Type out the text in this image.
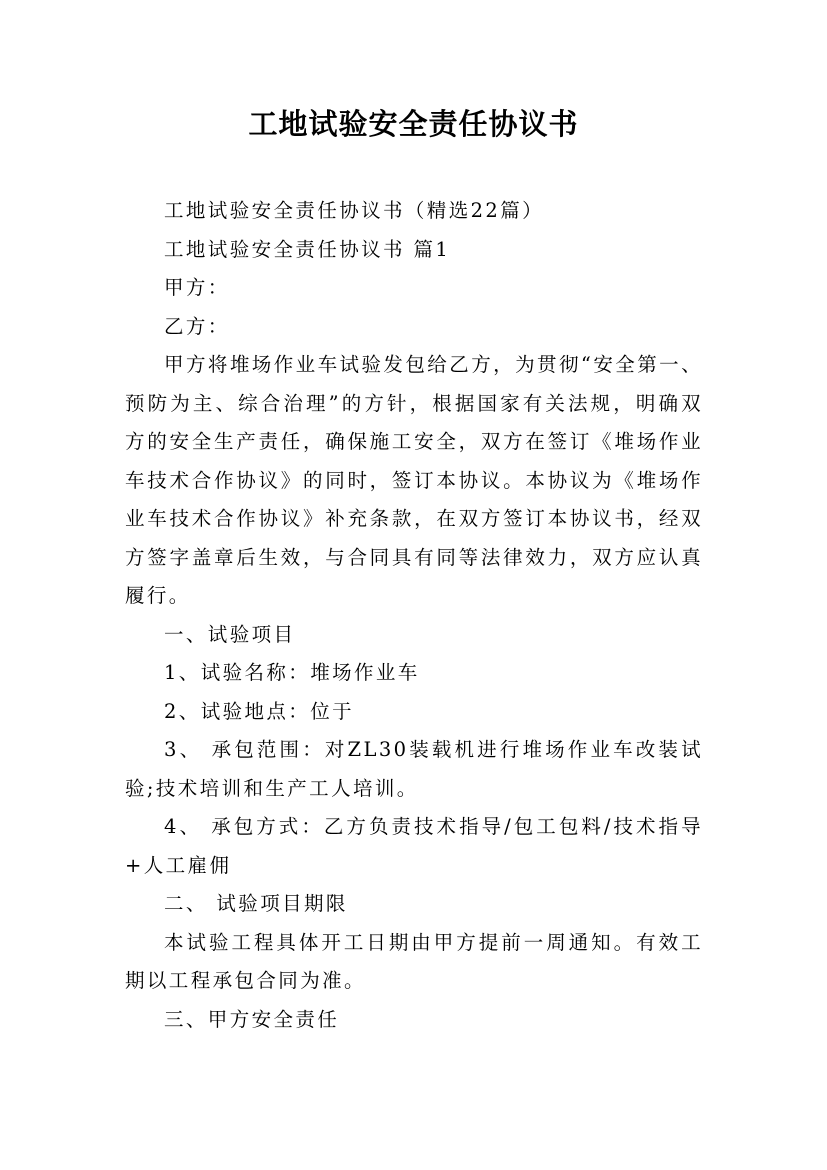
工地试验安全责任协议书

工地试验安全责任协议书（精选22篇）

工地试验安全责任协议书 篇1

甲方：

乙方：

甲方将堆场作业车试验发包给乙方，为贯彻“安全第一、预防为主、综合治理”的方针，根据国家有关法规，明确双方的安全生产责任，确保施工安全，双方在签订《堆场作业车技术合作协议》的同时，签订本协议。本协议为《堆场作业车技术合作协议》补充条款，在双方签订本协议书，经双方签字盖章后生效，与合同具有同等法律效力，双方应认真履行。

一、试验项目

1、试验名称：堆场作业车

2、试验地点：位于

3、 承包范围：对ZL30装载机进行堆场作业车改装试验;技术培训和生产工人培训。

4、 承包方式：乙方负责技术指导/包工包料/技术指导+人工雇佣

二、 试验项目期限

本试验工程具体开工日期由甲方提前一周通知。有效工期以工程承包合同为准。

三、甲方安全责任
